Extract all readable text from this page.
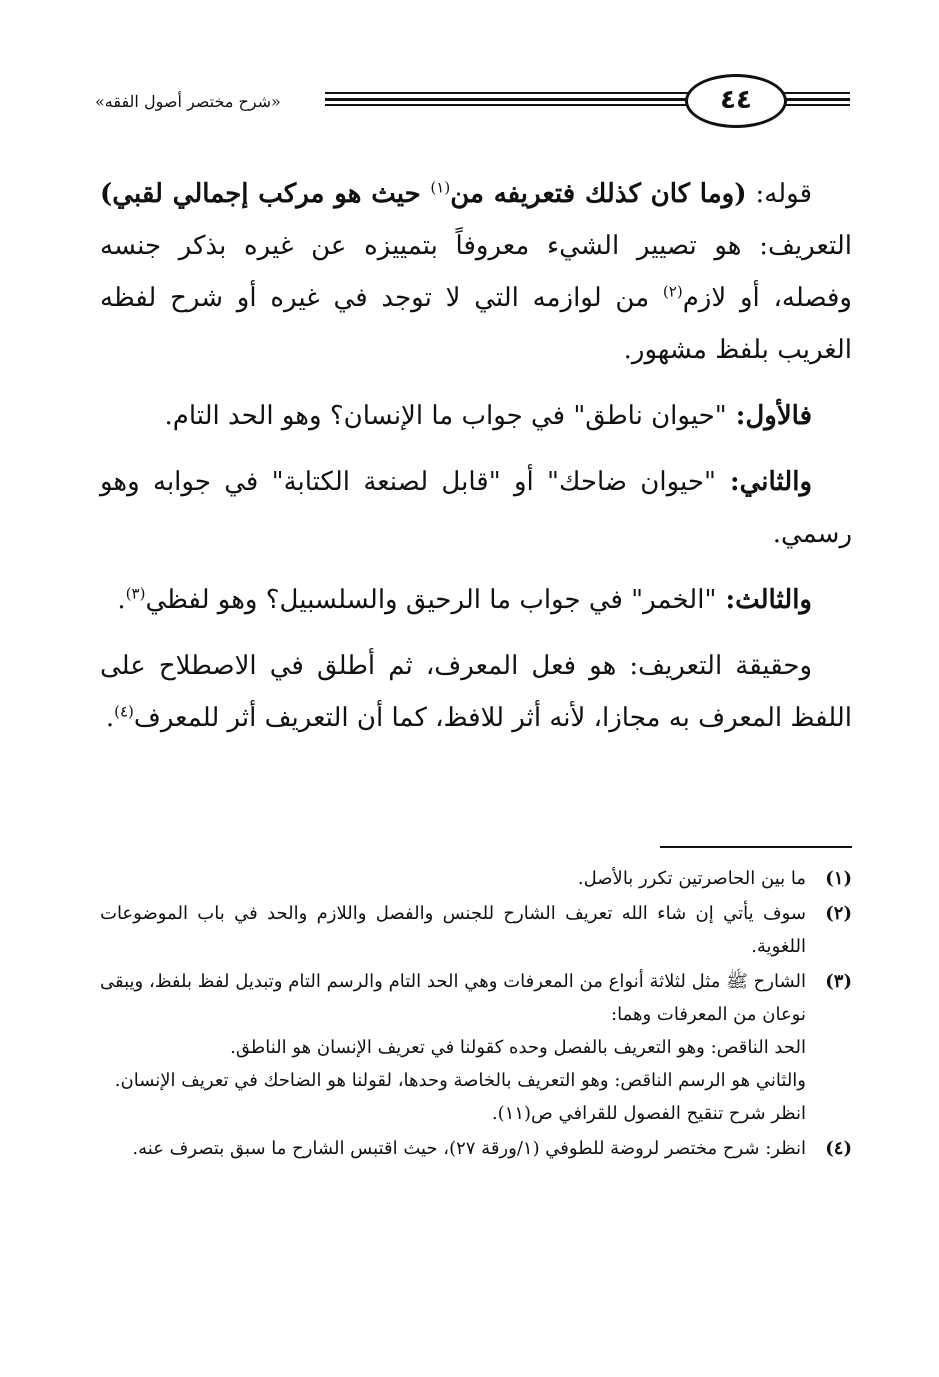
«شرح مختصر أصول الفقه»	٤٤

قوله: (وما كان كذلك فتعريفه من$^{(١)}$ حيث هو مركب إجمالي لقبي) التعريف: هو تصيير الشيء معروفاً بتمييزه عن غيره بذكر جنسه وفصله، أو لازم$^{(٢)}$ من لوازمه التي لا توجد في غيره أو شرح لفظه الغريب بلفظ مشهور.

فالأول: "حيوان ناطق" في جواب ما الإنسان؟ وهو الحد التام.

والثاني: "حيوان ضاحك" أو "قابل لصنعة الكتابة" في جوابه وهو رسمي.

والثالث: "الخمر" في جواب ما الرحيق والسلسبيل؟ وهو لفظي$^{(٣)}$.

وحقيقة التعريف: هو فعل المعرف، ثم أطلق في الاصطلاح على اللفظ المعرف به مجازا، لأنه أثر للافظ، كما أن التعريف أثر للمعرف$^{(٤)}$.

(١)
ما بين الحاصرتين تكرر بالأصل.
(٢)
سوف يأتي إن شاء الله تعريف الشارح للجنس والفصل واللازم والحد في باب الموضوعات اللغوية.
(٣)
الشارح ﷺ مثل لثلاثة أنواع من المعرفات وهي الحد التام والرسم التام وتبديل لفظ بلفظ، ويبقى نوعان من المعرفات وهما:
الحد الناقص: وهو التعريف بالفصل وحده كقولنا في تعريف الإنسان هو الناطق.
والثاني هو الرسم الناقص: وهو التعريف بالخاصة وحدها، لقولنا هو الضاحك في تعريف الإنسان.
انظر شرح تنقيح الفصول للقرافي ص(١١).
(٤)
انظر: شرح مختصر لروضة للطوفي (١/ورقة ٢٧)، حيث اقتبس الشارح ما سبق بتصرف عنه.
